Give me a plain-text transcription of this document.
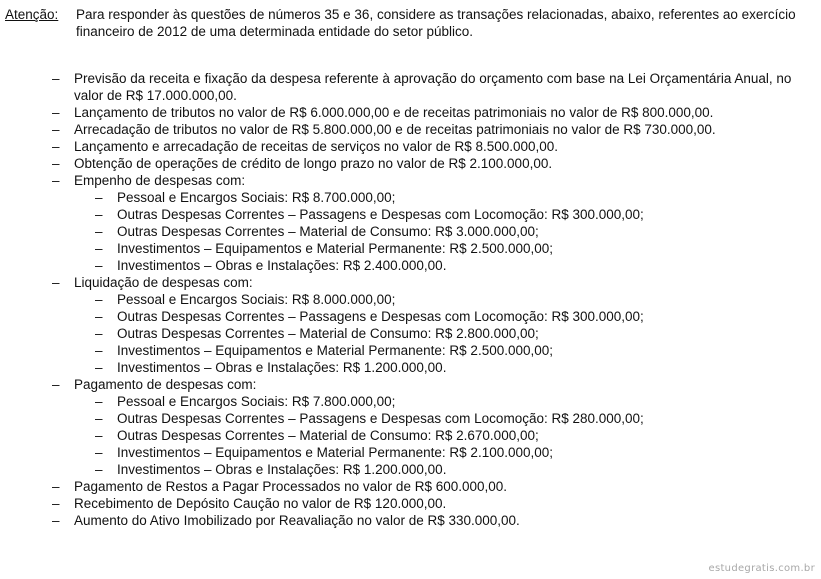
Atenção: Para responder às questões de números 35 e 36, considere as transações relacionadas, abaixo, referentes ao exercício
financeiro de 2012 de uma determinada entidade do setor público.
– Previsão da receita e fixação da despesa referente à aprovação do orçamento com base na Lei Orçamentária Anual, no
valor de R$ 17.000.000,00.
– Lançamento de tributos no valor de R$ 6.000.000,00 e de receitas patrimoniais no valor de R$ 800.000,00.
– Arrecadação de tributos no valor de R$ 5.800.000,00 e de receitas patrimoniais no valor de R$ 730.000,00.
– Lançamento e arrecadação de receitas de serviços no valor de R$ 8.500.000,00.
– Obtenção de operações de crédito de longo prazo no valor de R$ 2.100.000,00.
– Empenho de despesas com:
– Pessoal e Encargos Sociais: R$ 8.700.000,00;
– Outras Despesas Correntes – Passagens e Despesas com Locomoção: R$ 300.000,00;
– Outras Despesas Correntes – Material de Consumo: R$ 3.000.000,00;
– Investimentos – Equipamentos e Material Permanente: R$ 2.500.000,00;
– Investimentos – Obras e Instalações: R$ 2.400.000,00.
– Liquidação de despesas com:
– Pessoal e Encargos Sociais: R$ 8.000.000,00;
– Outras Despesas Correntes – Passagens e Despesas com Locomoção: R$ 300.000,00;
– Outras Despesas Correntes – Material de Consumo: R$ 2.800.000,00;
– Investimentos – Equipamentos e Material Permanente: R$ 2.500.000,00;
– Investimentos – Obras e Instalações: R$ 1.200.000,00.
– Pagamento de despesas com:
– Pessoal e Encargos Sociais: R$ 7.800.000,00;
– Outras Despesas Correntes – Passagens e Despesas com Locomoção: R$ 280.000,00;
– Outras Despesas Correntes – Material de Consumo: R$ 2.670.000,00;
– Investimentos – Equipamentos e Material Permanente: R$ 2.100.000,00;
– Investimentos – Obras e Instalações: R$ 1.200.000,00.
– Pagamento de Restos a Pagar Processados no valor de R$ 600.000,00.
– Recebimento de Depósito Caução no valor de R$ 120.000,00.
– Aumento do Ativo Imobilizado por Reavaliação no valor de R$ 330.000,00.
estudegratis.com.br
